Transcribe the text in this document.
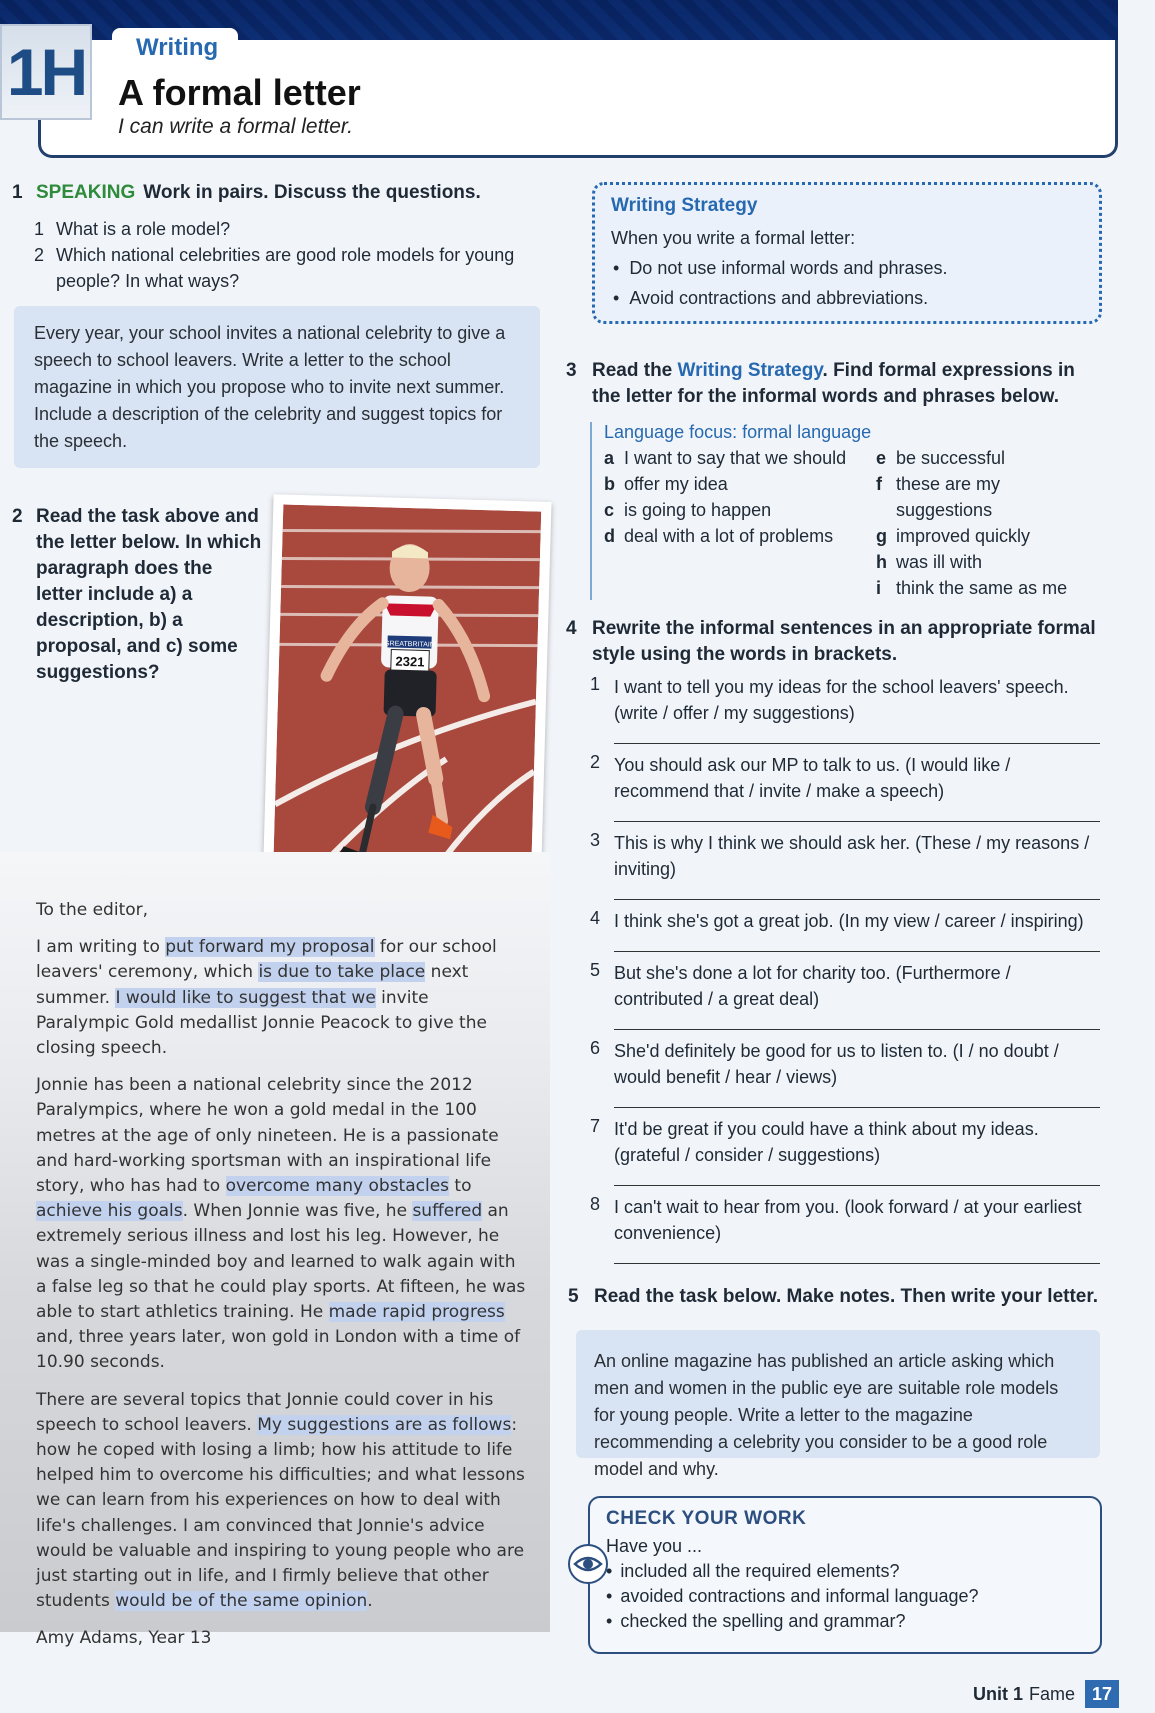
1H	Writing
A formal letter
I can write a formal letter.
1 SPEAKING Work in pairs. Discuss the questions.
1 What is a role model?
2 Which national celebrities are good role models for young people? In what ways?
Every year, your school invites a national celebrity to give a speech to school leavers. Write a letter to the school magazine in which you propose who to invite next summer. Include a description of the celebrity and suggest topics for the speech.
2 Read the task above and the letter below. In which paragraph does the letter include a) a description, b) a proposal, and c) some suggestions?
2321
GREATBRITAIN

To the editor,

I am writing to put forward my proposal for our school leavers' ceremony, which is due to take place next summer. I would like to suggest that we invite Paralympic Gold medallist Jonnie Peacock to give the closing speech.

Jonnie has been a national celebrity since the 2012 Paralympics, where he won a gold medal in the 100 metres at the age of only nineteen. He is a passionate and hard-working sportsman with an inspirational life story, who has had to overcome many obstacles to achieve his goals. When Jonnie was five, he suffered an extremely serious illness and lost his leg. However, he was a single-minded boy and learned to walk again with a false leg so that he could play sports. At fifteen, he was able to start athletics training. He made rapid progress and, three years later, won gold in London with a time of 10.90 seconds.

There are several topics that Jonnie could cover in his speech to school leavers. My suggestions are as follows: how he coped with losing a limb; how his attitude to life helped him to overcome his difficulties; and what lessons we can learn from his experiences on how to deal with life's challenges. I am convinced that Jonnie's advice would be valuable and inspiring to young people who are just starting out in life, and I firmly believe that other students would be of the same opinion.

Amy Adams, Year 13

Writing Strategy

When you write a formal letter:

• Do not use informal words and phrases.
• Avoid contractions and abbreviations.
3 Read the Writing Strategy. Find formal expressions in the letter for the informal words and phrases below.
Language focus: formal language
a I want to say that we should
b offer my idea
c is going to happen
d deal with a lot of problems
e be successful
f these are my suggestions
g improved quickly
h was ill with
i think the same as me
4 Rewrite the informal sentences in an appropriate formal style using the words in brackets.
1 I want to tell you my ideas for the school leavers' speech. (write / offer / my suggestions)
2 You should ask our MP to talk to us. (I would like / recommend that / invite / make a speech)
3 This is why I think we should ask her. (These / my reasons / inviting)
4 I think she's got a great job. (In my view / career / inspiring)
5 But she's done a lot for charity too. (Furthermore / contributed / a great deal)
6 She'd definitely be good for us to listen to. (I / no doubt / would benefit / hear / views)
7 It'd be great if you could have a think about my ideas. (grateful / consider / suggestions)
8 I can't wait to hear from you. (look forward / at your earliest convenience)
5 Read the task below. Make notes. Then write your letter.
An online magazine has published an article asking which men and women in the public eye are suitable role models for young people. Write a letter to the magazine recommending a celebrity you consider to be a good role model and why.
CHECK YOUR WORK

Have you ...

• included all the required elements?
• avoided contractions and informal language?
• checked the spelling and grammar?
Unit 1 Fame 17
